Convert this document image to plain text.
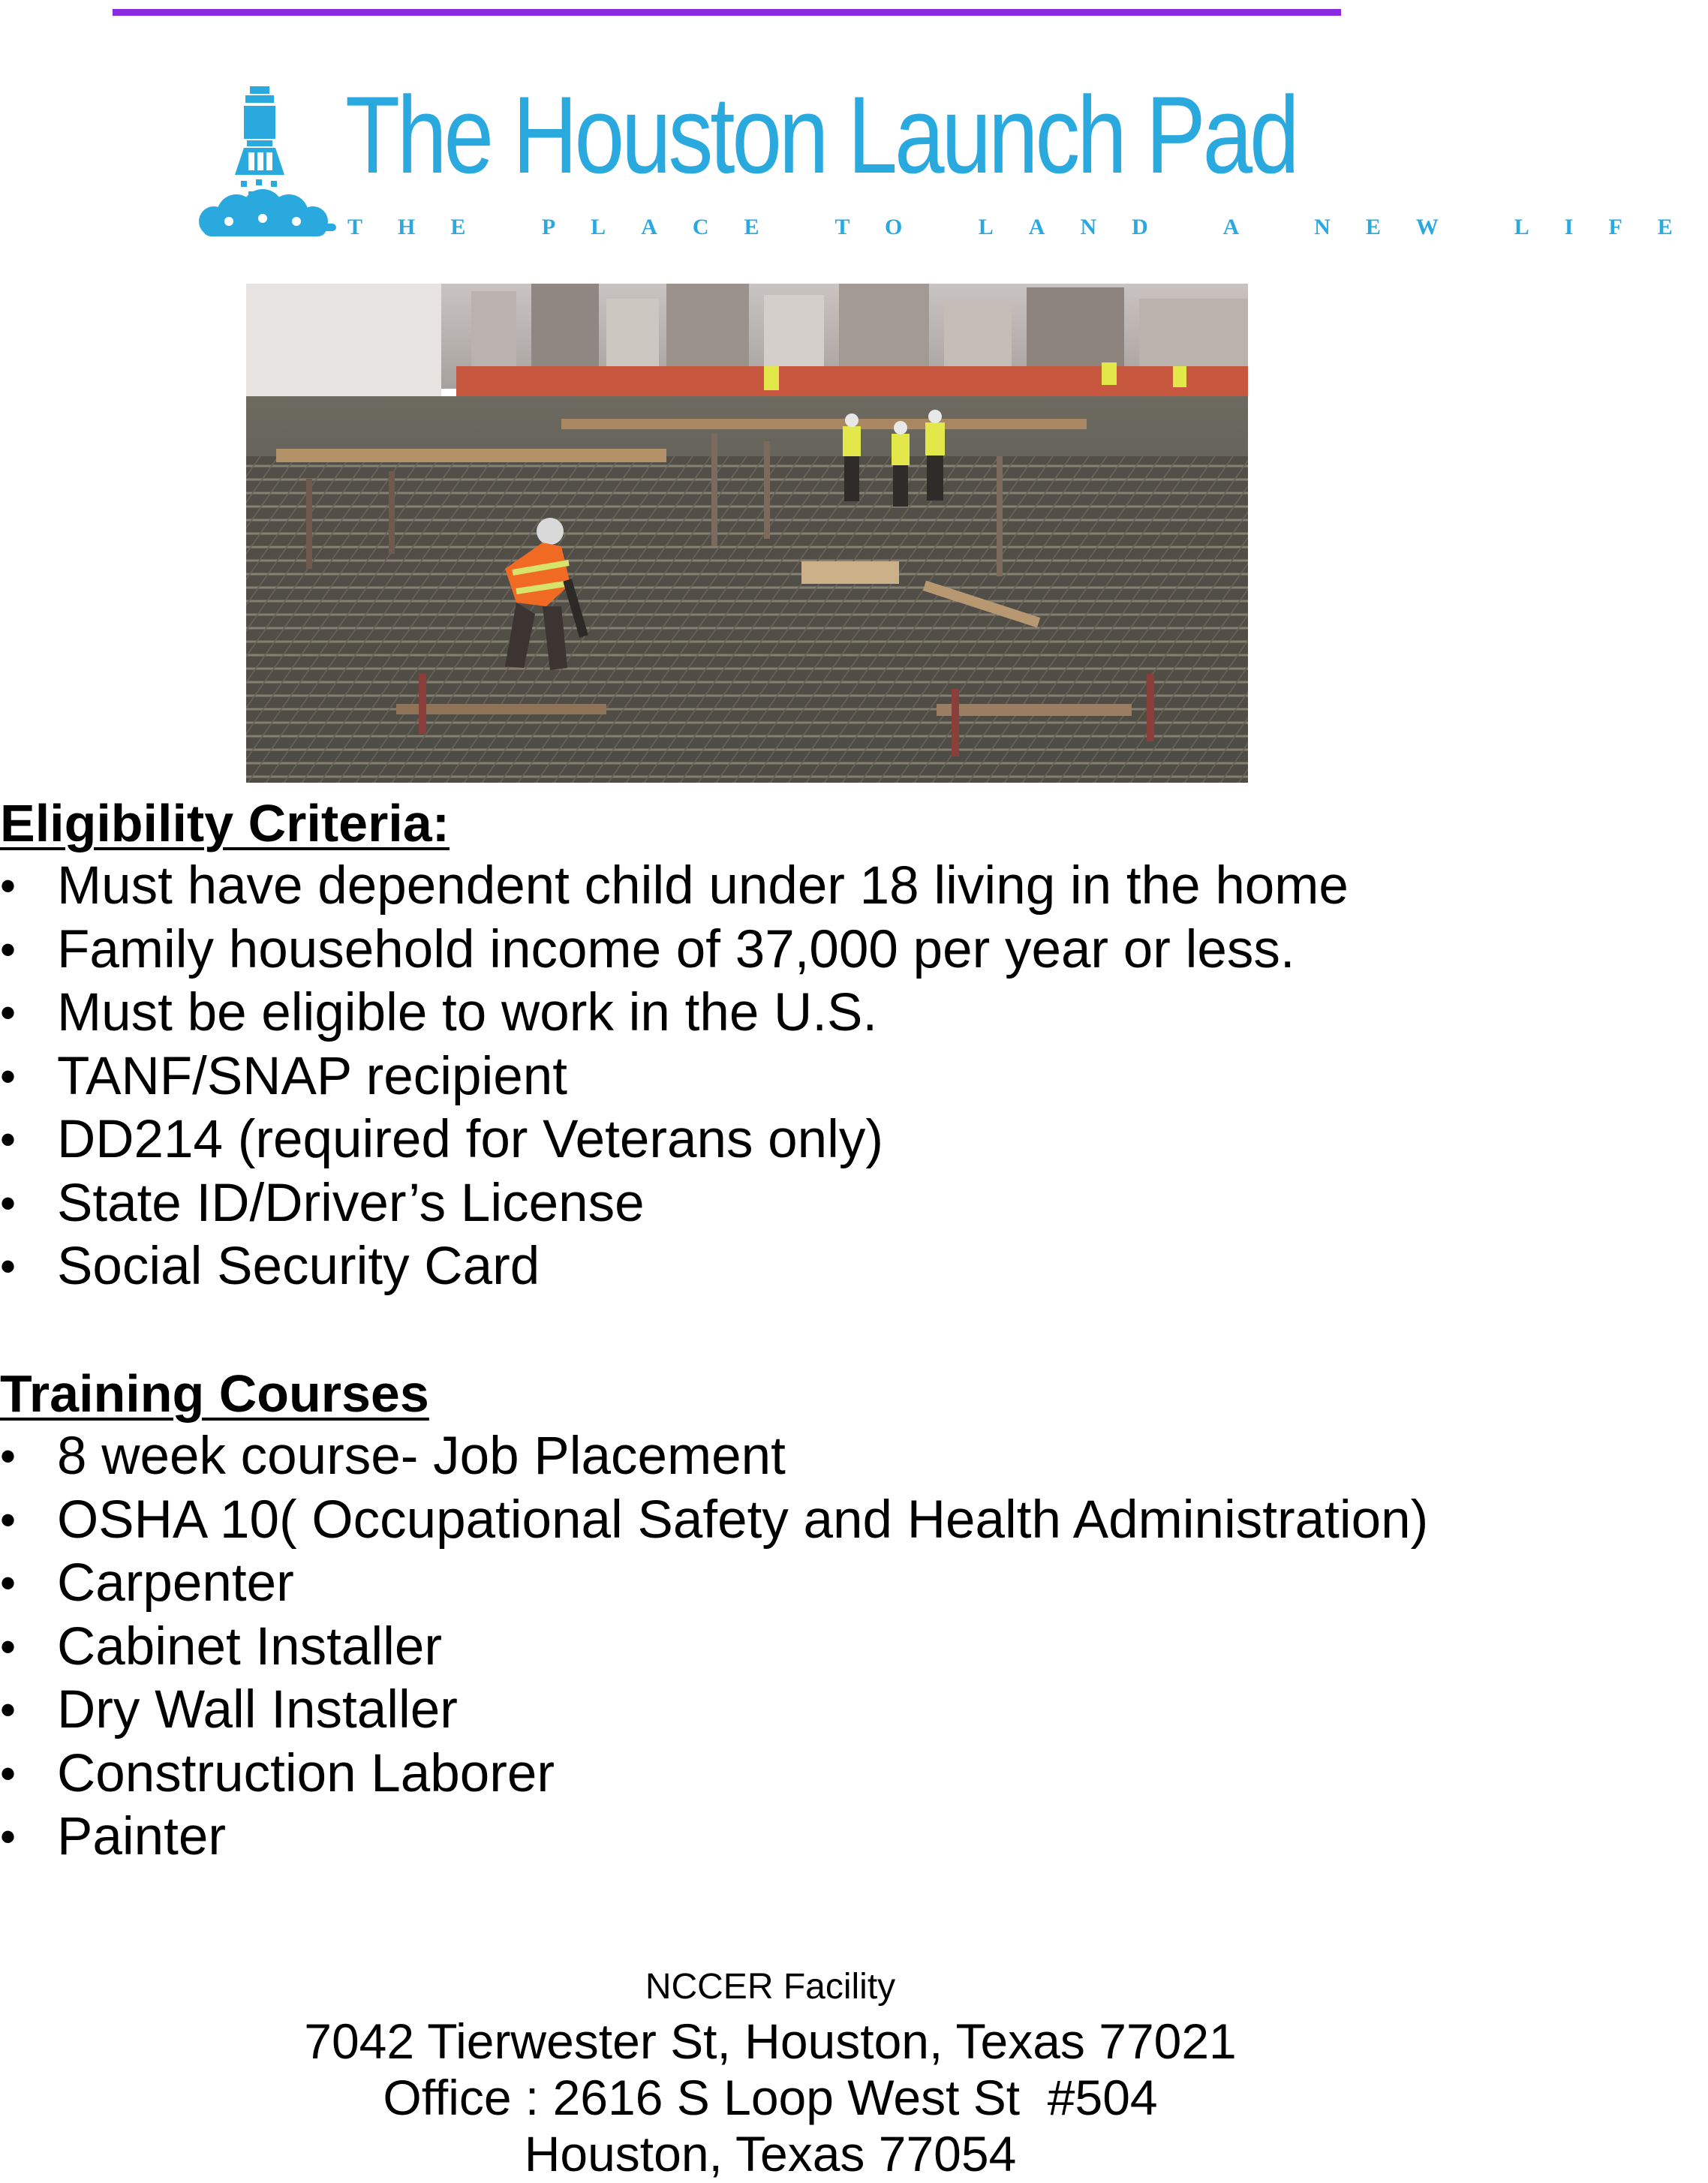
The Houston Launch Pad
THE PLACE TO LAND A NEW LIFE
Eligibility Criteria:
• Must have dependent child under 18 living in the home
• Family household income of 37,000 per year or less.
• Must be eligible to work in the U.S.
• TANF/SNAP recipient
• DD214 (required for Veterans only)
• State ID/Driver’s License
• Social Security Card
Training Courses
• 8 week course- Job Placement
• OSHA 10( Occupational Safety and Health Administration)
• Carpenter
• Cabinet Installer
• Dry Wall Installer
• Construction Laborer
• Painter
NCCER Facility
7042 Tierwester St, Houston, Texas 77021
Office : 2616 S Loop West St  #504
Houston, Texas 77054
